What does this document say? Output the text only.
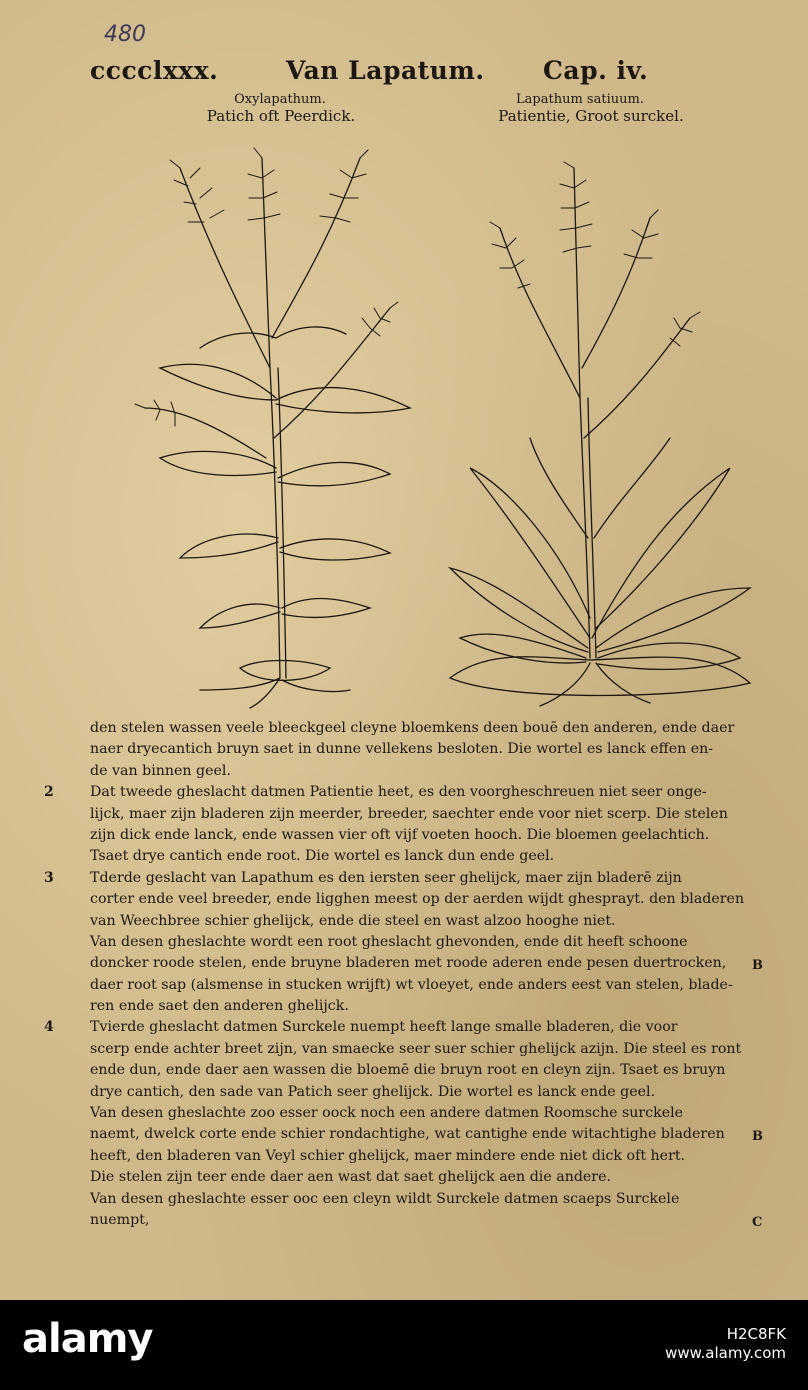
480
cccclxxx.	Van Lapatum. Cap. iv.
Oxylapathum.
Patich oft Peerdick.
Lapathum satiuum.
Patientie, Groot surckel.
den stelen wassen veele bleeckgeel cleyne bloemkens deen bouē den anderen, ende daer
naer dryecantich bruyn saet in dunne vellekens besloten. Die wortel es lanck effen en-
de van binnen geel.
2	Dat tweede gheslacht datmen Patientie heet, es den voorgheschreuen niet seer onge-
lijck, maer zijn bladeren zijn meerder, breeder, saechter ende voor niet scerp. Die stelen
zijn dick ende lanck, ende wassen vier oft vijf voeten hooch. Die bloemen geelachtich.
Tsaet drye cantich ende root. Die wortel es lanck dun ende geel.
3	Tderde geslacht van Lapathum es den iersten seer ghelijck, maer zijn bladerē zijn
corter ende veel breeder, ende ligghen meest op der aerden wijdt ghesprayt. den bladeren
van Weechbree schier ghelijck, ende die steel en wast alzoo hooghe niet.
Van desen gheslachte wordt een root gheslacht ghevonden, ende dit heeft schoone
B
doncker roode stelen, ende bruyne bladeren met roode aderen ende pesen duertrocken,
daer root sap (alsmense in stucken wrijft) wt vloeyet, ende anders eest van stelen, blade-
ren ende saet den anderen ghelijck.
4	Tvierde gheslacht datmen Surckele nuempt heeft lange smalle bladeren, die voor
scerp ende achter breet zijn, van smaecke seer suer schier ghelijck azijn. Die steel es ront
ende dun, ende daer aen wassen die bloemē die bruyn root en cleyn zijn. Tsaet es bruyn
drye cantich, den sade van Patich seer ghelijck. Die wortel es lanck ende geel.
Van desen gheslachte zoo esser oock noch een andere datmen Roomsche surckele
B
naemt, dwelck corte ende schier rondachtighe, wat cantighe ende witachtighe bladeren
heeft, den bladeren van Veyl schier ghelijck, maer mindere ende niet dick oft hert.
Die stelen zijn teer ende daer aen wast dat saet ghelijck aen die andere.
Van desen gheslachte esser ooc een cleyn wildt Surckele datmen scaeps Surckele
C
nuempt,
alamy	H2C8FK
www.alamy.com
